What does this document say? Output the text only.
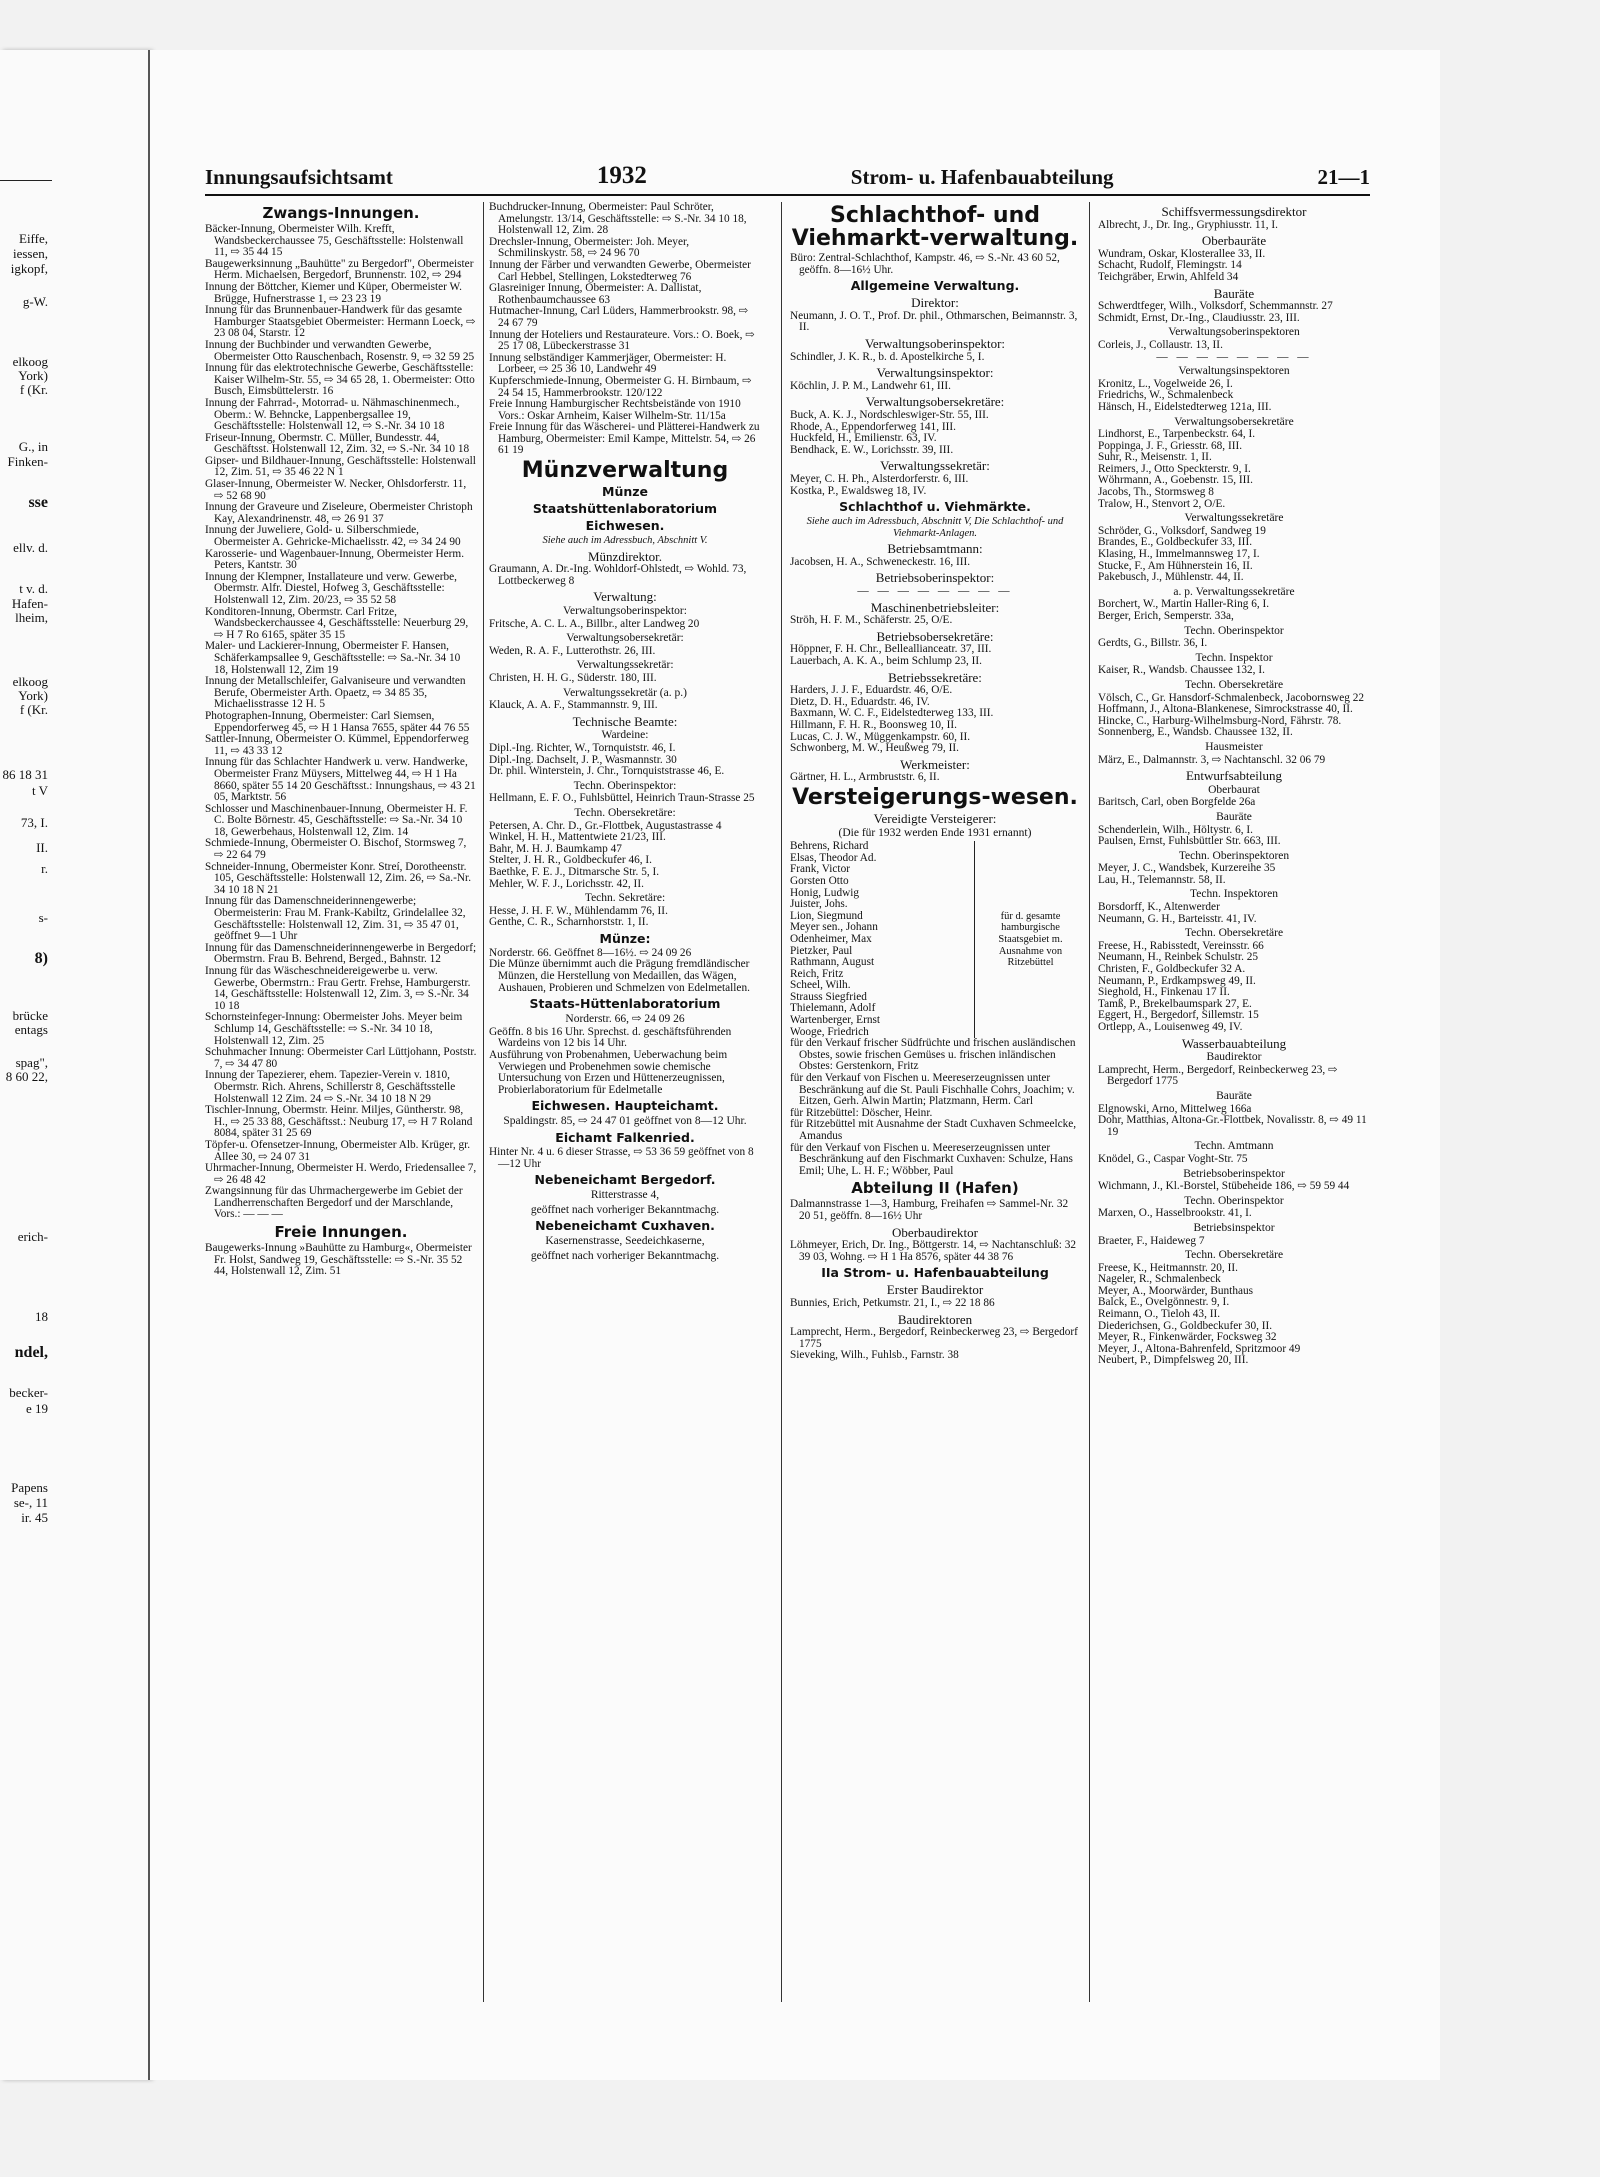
Eiffe,
iessen,
igkopf,
g-W.
elkoog
York)
f (Kr.
G., in
Finken-
sse
ellv. d.
t v. d.
Hafen-
lheim,
elkoog
York)
f (Kr.
86 18 31
t V
73, I.
II.
r.
s-
8)
brücke
entags
spag",
8 60 22,
erich-
18
ndel,
becker-
e 19
Papens
se-, 11
ir. 45
Innungsaufsichtsamt	1932	Strom- u. Hafenbauabteilung	21—1
Zwangs-Innungen.
Bäcker-Innung, Obermeister Wilh. Krefft, Wandsbeckerchaussee 75, Geschäftsstelle: Holstenwall 11, ⇨ 35 44 15
Baugewerksinnung „Bauhütte" zu Bergedorf", Obermeister Herm. Michaelsen, Bergedorf, Brunnenstr. 102, ⇨ 294
Innung der Böttcher, Kiemer und Küper, Obermeister W. Brügge, Hufnerstrasse 1, ⇨ 23 23 19
Innung für das Brunnenbauer-Handwerk für das gesamte Hamburger Staatsgebiet Obermeister: Hermann Loeck, ⇨ 23 08 04, Starstr. 12
Innung der Buchbinder und verwandten Gewerbe, Obermeister Otto Rauschenbach, Rosenstr. 9, ⇨ 32 59 25
Innung für das elektrotechnische Gewerbe, Geschäftsstelle: Kaiser Wilhelm-Str. 55, ⇨ 34 65 28, 1. Obermeister: Otto Busch, Eimsbüttelerstr. 16
Innung der Fahrrad-, Motorrad- u. Nähmaschinenmech., Oberm.: W. Behncke, Lappenbergsallee 19, Geschäftsstelle: Holstenwall 12, ⇨ S.-Nr. 34 10 18
Friseur-Innung, Obermstr. C. Müller, Bundesstr. 44, Geschäftsst. Holstenwall 12, Zim. 32, ⇨ S.-Nr. 34 10 18
Gipser- und Bildhauer-Innung, Geschäftsstelle: Holstenwall 12, Zim. 51, ⇨ 35 46 22 N 1
Glaser-Innung, Obermeister W. Necker, Ohlsdorferstr. 11, ⇨ 52 68 90
Innung der Graveure und Ziseleure, Obermeister Christoph Kay, Alexandrinenstr. 48, ⇨ 26 91 37
Innung der Juweliere, Gold- u. Silberschmiede, Obermeister A. Gehricke-Michaelisstr. 42, ⇨ 34 24 90
Karosserie- und Wagenbauer-Innung, Obermeister Herm. Peters, Kantstr. 30
Innung der Klempner, Installateure und verw. Gewerbe, Obermstr. Alfr. Diestel, Hofweg 3, Geschäftsstelle: Holstenwall 12, Zim. 20/23, ⇨ 35 52 58
Konditoren-Innung, Obermstr. Carl Fritze, Wandsbeckerchaussee 4, Geschäftsstelle: Neuerburg 29, ⇨ H 7 Ro 6165, später 35 15
Maler- und Lackierer-Innung, Obermeister F. Hansen, Schäferkampsallee 9, Geschäftsstelle: ⇨ Sa.-Nr. 34 10 18, Holstenwall 12, Zim 19
Innung der Metallschleifer, Galvaniseure und verwandten Berufe, Obermeister Arth. Opaetz, ⇨ 34 85 35, Michaelisstrasse 12 H. 5
Photographen-Innung, Obermeister: Carl Siemsen, Eppendorferweg 45, ⇨ H 1 Hansa 7655, später 44 76 55
Sattler-Innung, Obermeister O. Kümmel, Eppendorferweg 11, ⇨ 43 33 12
Innung für das Schlachter Handwerk u. verw. Handwerke, Obermeister Franz Müysers, Mittelweg 44, ⇨ H 1 Ha 8660, später 55 14 20 Geschäftsst.: Innungshaus, ⇨ 43 21 05, Marktstr. 56
Schlosser und Maschinenbauer-Innung, Obermeister H. F. C. Bolte Börnestr. 45, Geschäftsstelle: ⇨ Sa.-Nr. 34 10 18, Gewerbehaus, Holstenwall 12, Zim. 14
Schmiede-Innung, Obermeister O. Bischof, Stormsweg 7, ⇨ 22 64 79
Schneider-Innung, Obermeister Konr. Streí, Dorotheenstr. 105, Geschäftsstelle: Holstenwall 12, Zim. 26, ⇨ Sa.-Nr. 34 10 18 N 21
Innung für das Damenschneiderinnengewerbe; Obermeisterin: Frau M. Frank-Kabiltz, Grindelallee 32, Geschäftsstelle: Holstenwall 12, Zim. 31, ⇨ 35 47 01, geöffnet 9—1 Uhr
Innung für das Damenschneiderinnengewerbe in Bergedorf; Obermstrn. Frau B. Behrend, Berged., Bahnstr. 12
Innung für das Wäscheschneidereigewerbe u. verw. Gewerbe, Obermstrn.: Frau Gertr. Frehse, Hamburgerstr. 14, Geschäftsstelle: Holstenwall 12, Zim. 3, ⇨ S.-Nr. 34 10 18
Schornsteinfeger-Innung: Obermeister Johs. Meyer beim Schlump 14, Geschäftsstelle: ⇨ S.-Nr. 34 10 18, Holstenwall 12, Zim. 25
Schuhmacher Innung: Obermeister Carl Lüttjohann, Poststr. 7, ⇨ 34 47 80
Innung der Tapezierer, ehem. Tapezier-Verein v. 1810, Obermstr. Rich. Ahrens, Schillerstr 8, Geschäftsstelle Holstenwall 12 Zim. 24 ⇨ S.-Nr. 34 10 18 N 29
Tischler-Innung, Obermstr. Heinr. Miljes, Güntherstr. 98, H., ⇨ 25 33 88, Geschäftsst.: Neuburg 17, ⇨ H 7 Roland 8084, später 31 25 69
Töpfer-u. Ofensetzer-Innung, Obermeister Alb. Krüger, gr. Allee 30, ⇨ 24 07 31
Uhrmacher-Innung, Obermeister H. Werdo, Friedensallee 7, ⇨ 26 48 42
Zwangsinnung für das Uhrmachergewerbe im Gebiet der Landherrenschaften Bergedorf und der Marschlande, Vors.: — — —
Freie Innungen.
Baugewerks-Innung »Bauhütte zu Hamburg«, Obermeister Fr. Holst, Sandweg 19, Geschäftsstelle: ⇨ S.-Nr. 35 52 44, Holstenwall 12, Zim. 51
Buchdrucker-Innung, Obermeister: Paul Schröter, Amelungstr. 13/14, Geschäftsstelle: ⇨ S.-Nr. 34 10 18, Holstenwall 12, Zim. 28
Drechsler-Innung, Obermeister: Joh. Meyer, Schmilinskystr. 58, ⇨ 24 96 70
Innung der Färber und verwandten Gewerbe, Obermeister Carl Hebbel, Stellingen, Lokstedterweg 76
Glasreiniger Innung, Obermeister: A. Dallistat, Rothenbaumchaussee 63
Hutmacher-Innung, Carl Lüders, Hammerbrookstr. 98, ⇨ 24 67 79
Innung der Hoteliers und Restaurateure. Vors.: O. Boek, ⇨ 25 17 08, Lübeckerstrasse 31
Innung selbständiger Kammerjäger, Obermeister: H. Lorbeer, ⇨ 25 36 10, Landwehr 49
Kupferschmiede-Innung, Obermeister G. H. Birnbaum, ⇨ 24 54 15, Hammerbrookstr. 120/122
Freie Innung Hamburgischer Rechtsbeistände von 1910 Vors.: Oskar Arnheim, Kaiser Wilhelm-Str. 11/15a
Freie Innung für das Wäscherei- und Plätterei-Handwerk zu Hamburg, Obermeister: Emil Kampe, Mittelstr. 54, ⇨ 26 61 19
Münzverwaltung
Münze
Staatshüttenlaboratorium
Eichwesen.
Siehe auch im Adressbuch, Abschnitt V.
Münzdirektor.
Graumann, A. Dr.-Ing. Wohldorf-Ohlstedt, ⇨ Wohld. 73, Lottbeckerweg 8
Verwaltung:
Verwaltungsoberinspektor:
Fritsche, A. C. L. A., Billbr., alter Landweg 20
Verwaltungsobersekretär:
Weden, R. A. F., Lutterothstr. 26, III.
Verwaltungssekretär:
Christen, H. H. G., Süderstr. 180, III.
Verwaltungssekretär (a. p.)
Klauck, A. A. F., Stammannstr. 9, III.
Technische Beamte:
Wardeine:
Dipl.-Ing. Richter, W., Tornquiststr. 46, I.
Dipl.-Ing. Dachselt, J. P., Wasmannstr. 30
Dr. phil. Winterstein, J. Chr., Tornquiststrasse 46, E.
Techn. Oberinspektor:
Hellmann, E. F. O., Fuhlsbüttel, Heinrich Traun-Strasse 25
Techn. Obersekretäre:
Petersen, A. Chr. D., Gr.-Flottbek, Augustastrasse 4
Winkel, H. H., Mattentwiete 21/23, III.
Bahr, M. H. J. Baumkamp 47
Stelter, J. H. R., Goldbeckufer 46, I.
Baethke, F. E. J., Ditmarsche Str. 5, I.
Mehler, W. F. J., Lorichsstr. 42, II.
Techn. Sekretäre:
Hesse, J. H. F. W., Mühlendamm 76, II.
Genthe, C. R., Scharnhorststr. 1, II.
Münze:
Norderstr. 66. Geöffnet 8—16½. ⇨ 24 09 26
Die Münze übernimmt auch die Prägung fremdländischer Münzen, die Herstellung von Medaillen, das Wägen, Aushauen, Probieren und Schmelzen von Edelmetallen.
Staats-Hüttenlaboratorium
Norderstr. 66, ⇨ 24 09 26
Geöffn. 8 bis 16 Uhr. Sprechst. d. geschäftsführenden Wardeins von 12 bis 14 Uhr.
Ausführung von Probenahmen, Ueberwachung beim Verwiegen und Probenehmen sowie chemische Untersuchung von Erzen und Hüttenerzeugnissen, Probierlaboratorium für Edelmetalle
Eichwesen. Haupteichamt.
Spaldingstr. 85, ⇨ 24 47 01 geöffnet von 8—12 Uhr.
Eichamt Falkenried.
Hinter Nr. 4 u. 6 dieser Strasse, ⇨ 53 36 59 geöffnet von 8—12 Uhr
Nebeneichamt Bergedorf.
Ritterstrasse 4,
geöffnet nach vorheriger Bekanntmachg.
Nebeneichamt Cuxhaven.
Kasernenstrasse, Seedeichkaserne,
geöffnet nach vorheriger Bekanntmachg.
Schlachthof- und Viehmarkt-verwaltung.
Büro: Zentral-Schlachthof, Kampstr. 46, ⇨ S.-Nr. 43 60 52, geöffn. 8—16½ Uhr.
Allgemeine Verwaltung.
Direktor:
Neumann, J. O. T., Prof. Dr. phil., Othmarschen, Beimannstr. 3, II.
Verwaltungsoberinspektor:
Schindler, J. K. R., b. d. Apostelkirche 5, I.
Verwaltungsinspektor:
Köchlin, J. P. M., Landwehr 61, III.
Verwaltungsobersekretäre:
Buck, A. K. J., Nordschleswiger-Str. 55, III.
Rhode, A., Eppendorferweg 141, III.
Huckfeld, H., Emilienstr. 63, IV.
Bendhack, E. W., Lorichsstr. 39, III.
Verwaltungssekretär:
Meyer, C. H. Ph., Alsterdorferstr. 6, III.
Kostka, P., Ewaldsweg 18, IV.
Schlachthof u. Viehmärkte.
Siehe auch im Adressbuch, Abschnitt V, Die Schlachthof- und Viehmarkt-Anlagen.
Betriebsamtmann:
Jacobsen, H. A., Schweneckestr. 16, III.
Betriebsoberinspektor:
— — — — — — — —
Maschinenbetriebsleiter:
Ströh, H. F. M., Schäferstr. 25, O/E.
Betriebsobersekretäre:
Höppner, F. H. Chr., Belleallianceatr. 37, III.
Lauerbach, A. K. A., beim Schlump 23, II.
Betriebssekretäre:
Harders, J. J. F., Eduardstr. 46, O/E.
Dietz, D. H., Eduardstr. 46, IV.
Baxmann, W. C. F., Eidelstedterweg 133, III.
Hillmann, F. H. R., Boonsweg 10, II.
Lucas, C. J. W., Müggenkampstr. 60, II.
Schwonberg, M. W., Heußweg 79, II.
Werkmeister:
Gärtner, H. L., Armbruststr. 6, II.
Versteigerungs-wesen.
Vereidigte Versteigerer:
(Die für 1932 werden Ende 1931 ernannt)
Behrens, Richard
Elsas, Theodor Ad.
Frank, Victor
Gorsten Otto
Honig, Ludwig
Juister, Johs.
Lion, Siegmund
Meyer sen., Johann
Odenheimer, Max
Pietzker, Paul
Rathmann, August
Reich, Fritz
Scheel, Wilh.
Strauss Siegfried
Thielemann, Adolf
Wartenberger, Ernst
Wooge, Friedrich
für d. gesamte hamburgische Staatsgebiet m. Ausnahme von Ritzebüttel
für den Verkauf frischer Südfrüchte und frischen ausländischen Obstes, sowie frischen Gemüses u. frischen inländischen Obstes: Gerstenkorn, Fritz
für den Verkauf von Fischen u. Meereserzeugnissen unter Beschränkung auf die St. Pauli Fischhalle Cohrs, Joachim; v. Eitzen, Gerh. Alwin Martin; Platzmann, Herm. Carl
für Ritzebüttel: Döscher, Heinr.
für Ritzebüttel mit Ausnahme der Stadt Cuxhaven Schmeelcke, Amandus
für den Verkauf von Fischen u. Meereserzeugnissen unter Beschränkung auf den Fischmarkt Cuxhaven: Schulze, Hans Emil; Uhe, L. H. F.; Wöbber, Paul
Abteilung II (Hafen)
Dalmannstrasse 1—3, Hamburg, Freihafen ⇨ Sammel-Nr. 32 20 51, geöffn. 8—16½ Uhr
Oberbaudirektor
Löhmeyer, Erich, Dr. Ing., Böttgerstr. 14, ⇨ Nachtanschluß: 32 39 03, Wohng. ⇨ H 1 Ha 8576, später 44 38 76
IIa Strom- u. Hafenbauabteilung
Erster Baudirektor
Bunnies, Erich, Petkumstr. 21, I., ⇨ 22 18 86
Baudirektoren
Lamprecht, Herm., Bergedorf, Reinbeckerweg 23, ⇨ Bergedorf 1775
Sieveking, Wilh., Fuhlsb., Farnstr. 38
Schiffsvermessungsdirektor
Albrecht, J., Dr. Ing., Gryphiusstr. 11, I.
Oberbauräte
Wundram, Oskar, Klosterallee 33, II.
Schacht, Rudolf, Flemingstr. 14
Teichgräber, Erwin, Ahlfeld 34
Bauräte
Schwerdtfeger, Wilh., Volksdorf, Schemmannstr. 27
Schmidt, Ernst, Dr.-Ing., Claudiusstr. 23, III.
Verwaltungsoberinspektoren
Corleis, J., Collaustr. 13, II.
— — — — — — — —
Verwaltungsinspektoren
Kronitz, L., Vogelweide 26, I.
Friedrichs, W., Schmalenbeck
Hänsch, H., Eidelstedterweg 121a, III.
Verwaltungsobersekretäre
Lindhorst, E., Tarpenbeckstr. 64, I.
Poppinga, J. F., Griesstr. 68, III.
Suhr, R., Meisenstr. 1, II.
Reimers, J., Otto Speckterstr. 9, I.
Wöhrmann, A., Goebenstr. 15, III.
Jacobs, Th., Stormsweg 8
Tralow, H., Stenvort 2, O/E.
Verwaltungssekretäre
Schröder, G., Volksdorf, Sandweg 19
Brandes, E., Goldbeckufer 33, III.
Klasing, H., Immelmannsweg 17, I.
Stucke, F., Am Hühnerstein 16, II.
Pakebusch, J., Mühlenstr. 44, II.
a. p. Verwaltungssekretäre
Borchert, W., Martin Haller-Ring 6, I.
Berger, Erich, Semperstr. 33a,
Techn. Oberinspektor
Gerdts, G., Billstr. 36, I.
Techn. Inspektor
Kaiser, R., Wandsb. Chaussee 132, I.
Techn. Obersekretäre
Völsch, C., Gr. Hansdorf-Schmalenbeck, Jacobornsweg 22
Hoffmann, J., Altona-Blankenese, Simrockstrasse 40, II.
Hincke, C., Harburg-Wilhelmsburg-Nord, Fährstr. 78.
Sonnenberg, E., Wandsb. Chaussee 132, II.
Hausmeister
März, E., Dalmannstr. 3, ⇨ Nachtanschl. 32 06 79
Entwurfsabteilung
Oberbaurat
Baritsch, Carl, oben Borgfelde 26a
Bauräte
Schenderlein, Wilh., Höltystr. 6, I.
Paulsen, Ernst, Fuhlsbüttler Str. 663, III.
Techn. Oberinspektoren
Meyer, J. C., Wandsbek, Kurzereihe 35
Lau, H., Telemannstr. 58, II.
Techn. Inspektoren
Borsdorff, K., Altenwerder
Neumann, G. H., Barteisstr. 41, IV.
Techn. Obersekretäre
Freese, H., Rabisstedt, Vereinsstr. 66
Neumann, H., Reinbek Schulstr. 25
Christen, F., Goldbeckufer 32 A.
Neumann, P., Erdkampsweg 49, II.
Sieghold, H., Finkenau 17 II.
Tamß, P., Brekelbaumspark 27, E.
Eggert, H., Bergedorf, Sillemstr. 15
Ortlepp, A., Louisenweg 49, IV.
Wasserbauabteilung
Baudirektor
Lamprecht, Herm., Bergedorf, Reinbeckerweg 23, ⇨ Bergedorf 1775
Bauräte
Elgnowski, Arno, Mittelweg 166a
Dohr, Matthias, Altona-Gr.-Flottbek, Novalisstr. 8, ⇨ 49 11 19
Techn. Amtmann
Knödel, G., Caspar Voght-Str. 75
Betriebsoberinspektor
Wichmann, J., Kl.-Borstel, Stübeheide 186, ⇨ 59 59 44
Techn. Oberinspektor
Marxen, O., Hasselbrookstr. 41, I.
Betriebsinspektor
Braeter, F., Haideweg 7
Techn. Obersekretäre
Freese, K., Heitmannstr. 20, II.
Nageler, R., Schmalenbeck
Meyer, A., Moorwärder, Bunthaus
Balck, E., Ovelgönnestr. 9, I.
Reimann, O., Tieloh 43, II.
Diederichsen, G., Goldbeckufer 30, II.
Meyer, R., Finkenwärder, Focksweg 32
Meyer, J., Altona-Bahrenfeld, Spritzmoor 49
Neubert, P., Dimpfelsweg 20, III.
